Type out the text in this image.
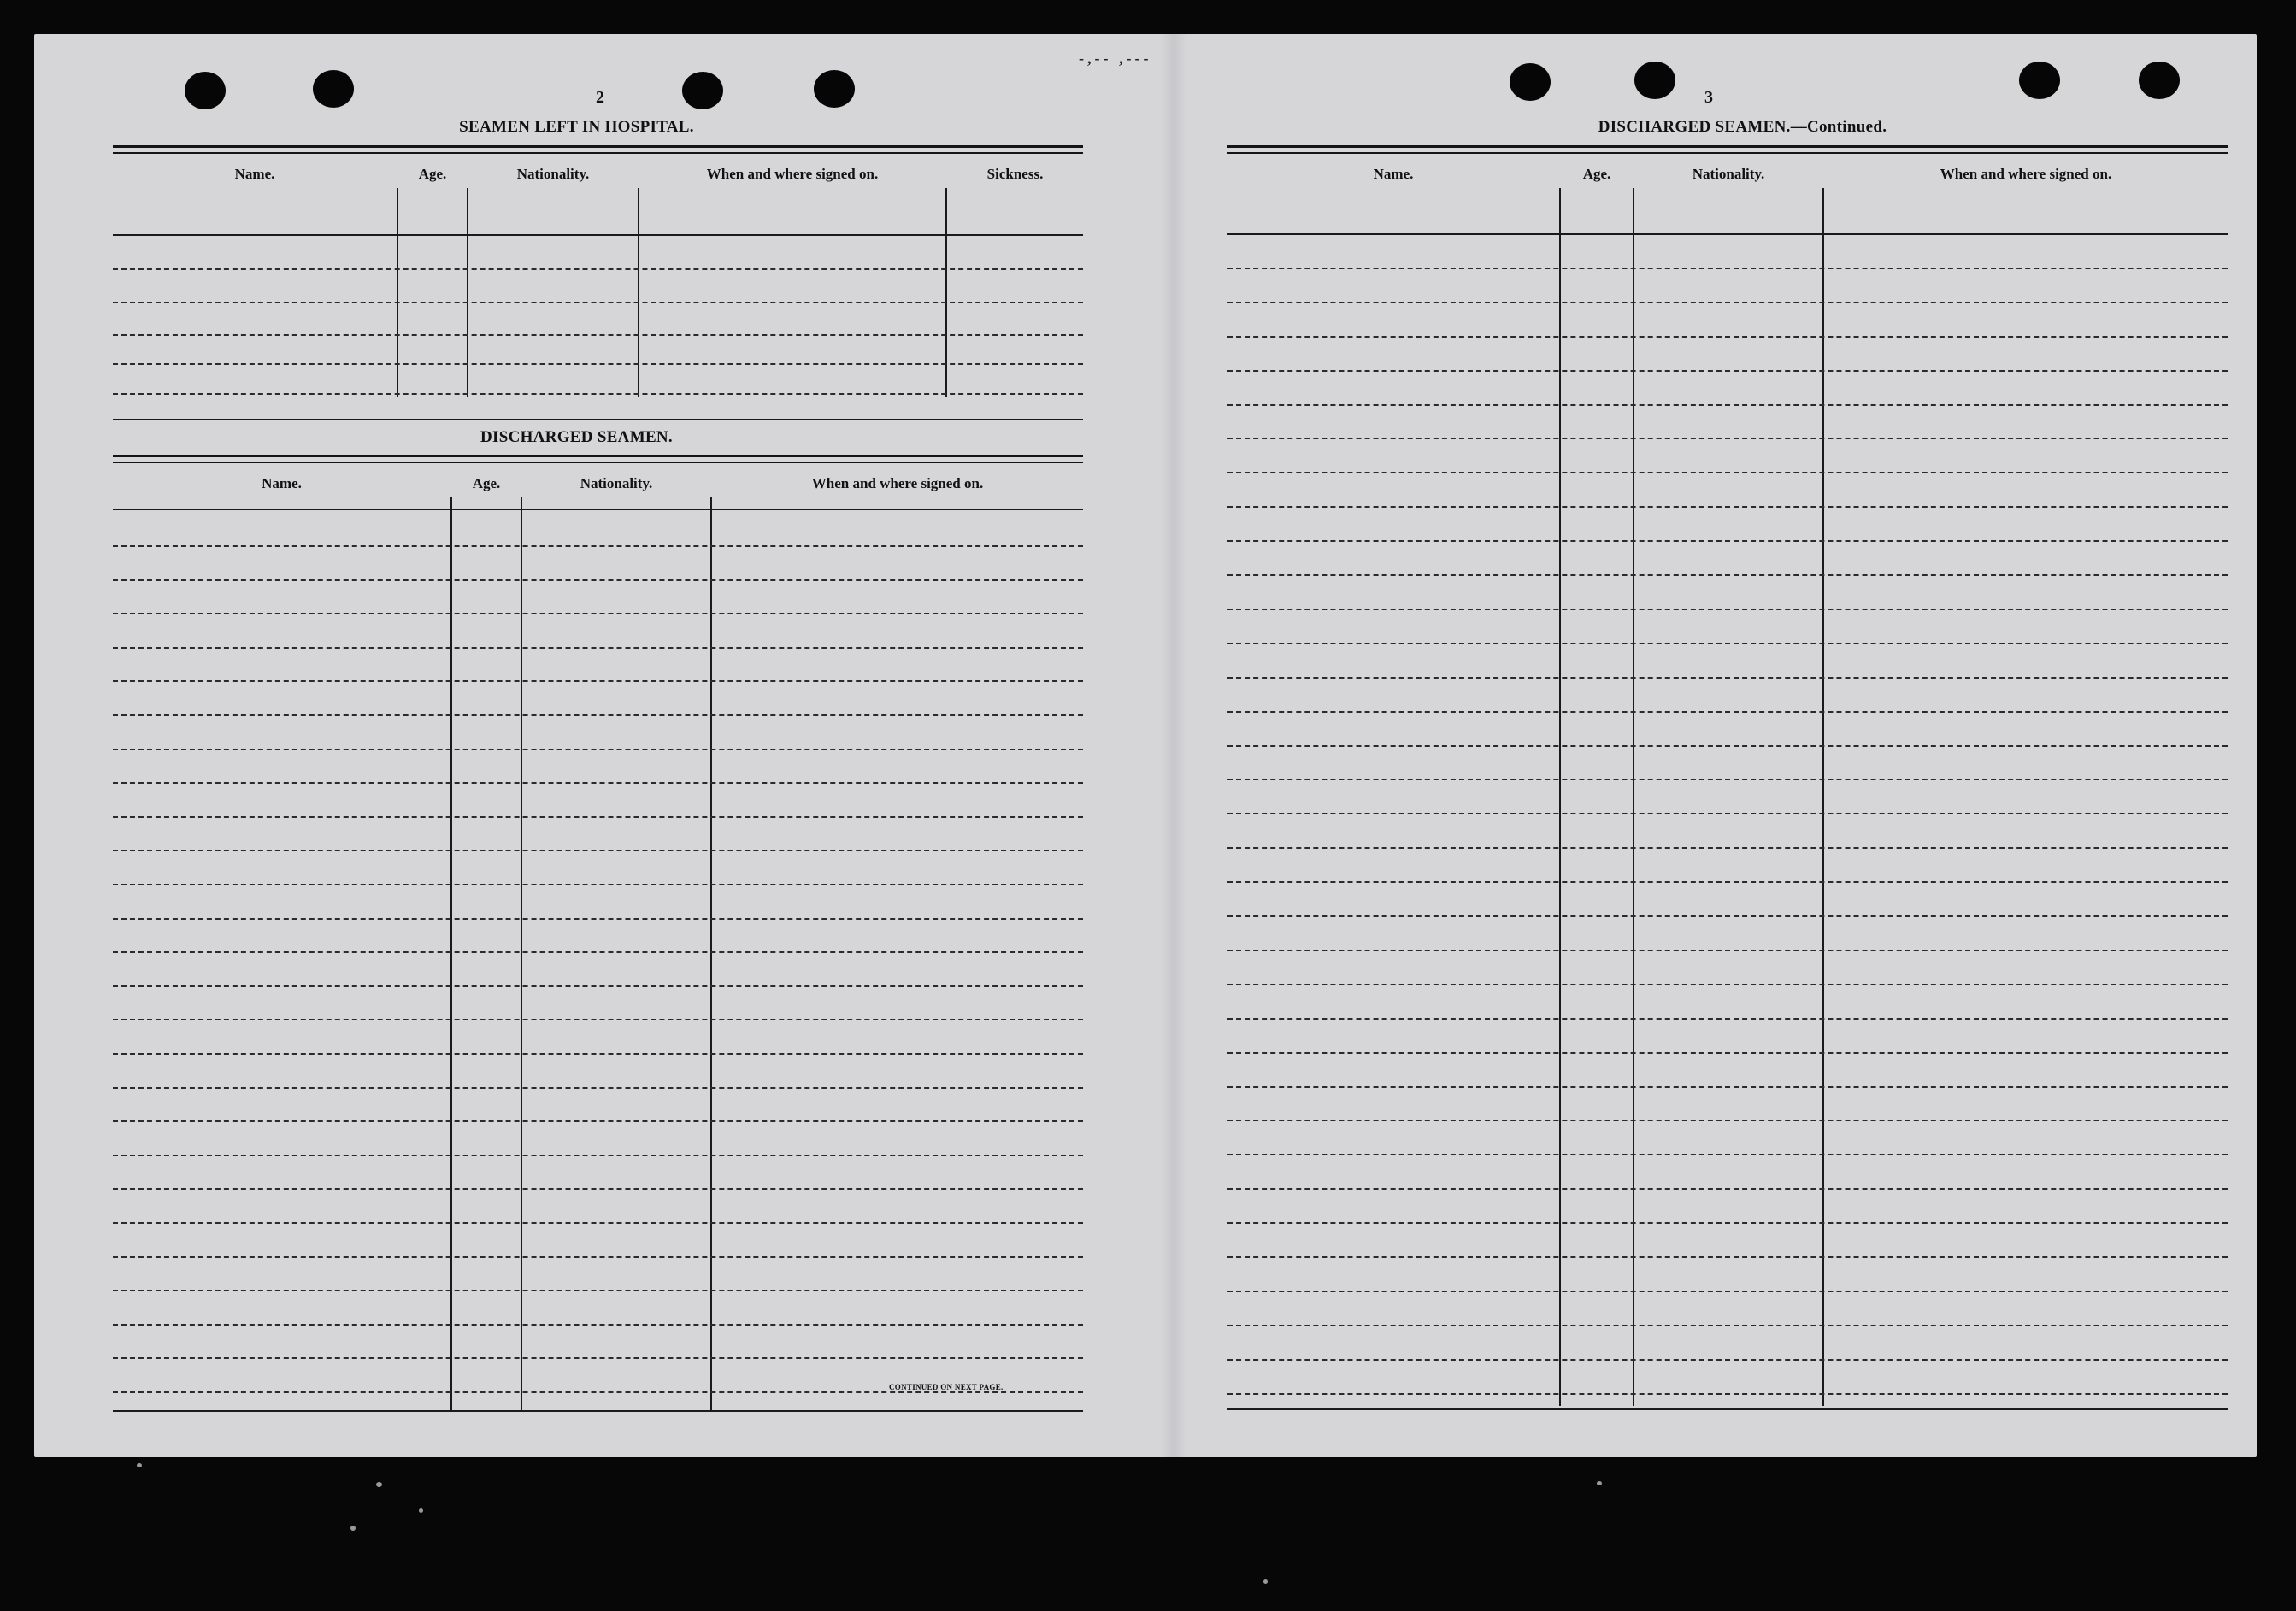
-,-- ,---
2
SEAMEN LEFT IN HOSPITAL.
Name.	Age.	Nationality.	When and where signed on.	Sickness.
DISCHARGED SEAMEN.
Name.	Age.	Nationality.	When and where signed on.
CONTINUED ON NEXT PAGE.
3
DISCHARGED SEAMEN.—Continued.
Name.	Age.	Nationality.	When and where signed on.
